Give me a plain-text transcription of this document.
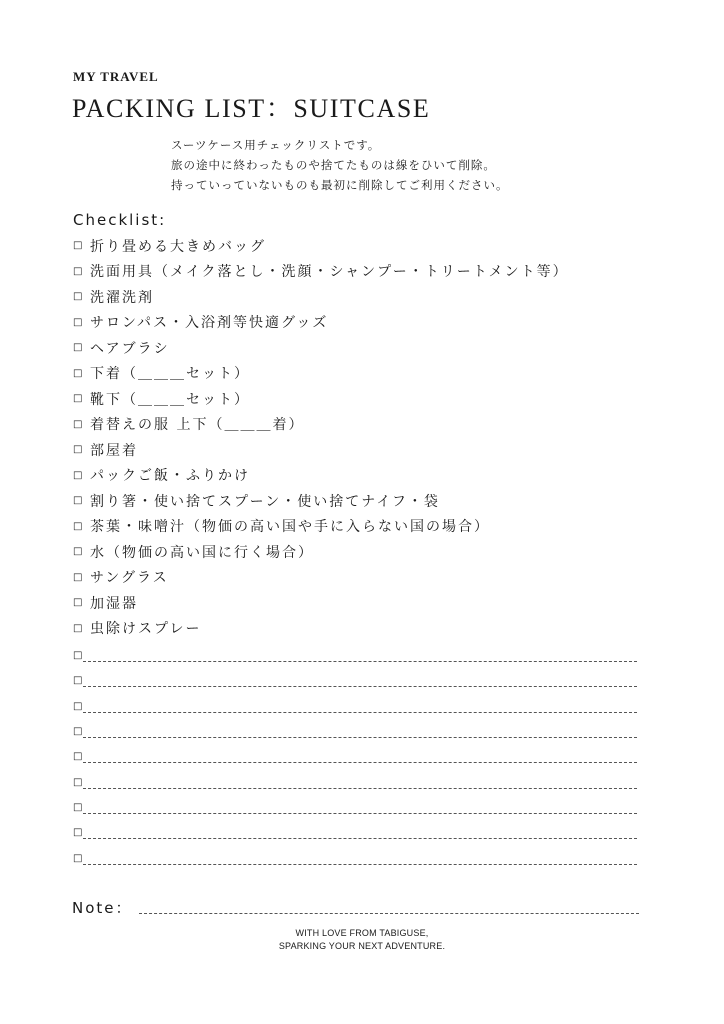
MY TRAVEL
PACKING LIST：SUITCASE
スーツケース用チェックリストです。
旅の途中に終わったものや捨てたものは線をひいて削除。
持っていっていないものも最初に削除してご利用ください。
Checklist:
□ 折り畳める大きめバッグ
□ 洗面用具（メイク落とし・洗顔・シャンプー・トリートメント等）
□ 洗濯洗剤
□ サロンパス・入浴剤等快適グッズ
□ ヘアブラシ
□ 下着（＿＿＿セット）
□ 靴下（＿＿＿セット）
□ 着替えの服 上下（＿＿＿着）
□ 部屋着
□ パックご飯・ふりかけ
□ 割り箸・使い捨てスプーン・使い捨てナイフ・袋
□ 茶葉・味噌汁（物価の高い国や手に入らない国の場合）
□ 水（物価の高い国に行く場合）
□ サングラス
□ 加湿器
□ 虫除けスプレー
□
□
□
□
□
□
□
□
□
Note：
WITH LOVE FROM TABIGUSE,
SPARKING YOUR NEXT ADVENTURE.
